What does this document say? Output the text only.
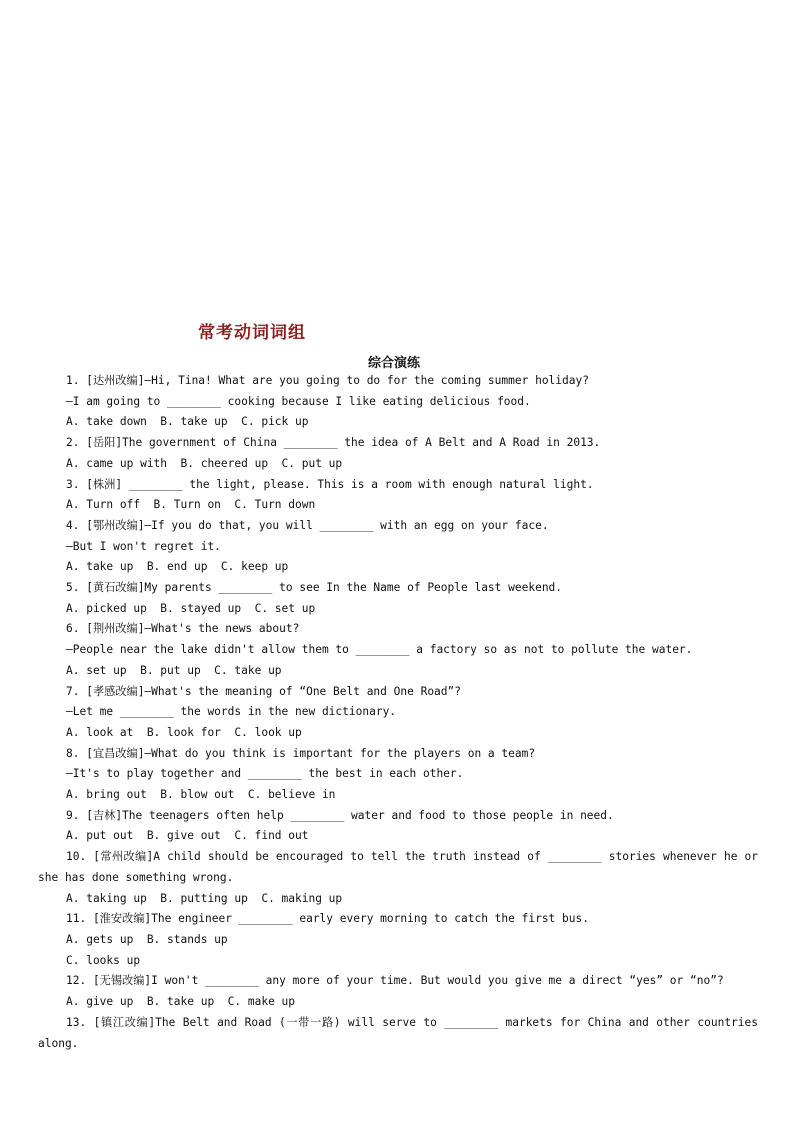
常考动词词组
综合演练
1. [达州改编]—Hi, Tina! What are you going to do for the coming summer holiday?
—I am going to ________ cooking because I like eating delicious food.
A. take down  B. take up  C. pick up
2. [岳阳]The government of China ________ the idea of A Belt and A Road in 2013.
A. came up with  B. cheered up  C. put up
3. [株洲] ________ the light, please. This is a room with enough natural light.
A. Turn off  B. Turn on  C. Turn down
4. [鄂州改编]—If you do that, you will ________ with an egg on your face.
—But I won't regret it.
A. take up  B. end up  C. keep up
5. [黄石改编]My parents ________ to see In the Name of People last weekend.
A. picked up  B. stayed up  C. set up
6. [荆州改编]—What's the news about?
—People near the lake didn't allow them to ________ a factory so as not to pollute the water.
A. set up  B. put up  C. take up
7. [孝感改编]—What's the meaning of “One Belt and One Road”?
—Let me ________ the words in the new dictionary.
A. look at  B. look for  C. look up
8. [宜昌改编]—What do you think is important for the players on a team?
—It's to play together and ________ the best in each other.
A. bring out  B. blow out  C. believe in
9. [吉林]The teenagers often help ________ water and food to those people in need.
A. put out  B. give out  C. find out
10. [常州改编]A child should be encouraged to tell the truth instead of ________ stories whenever he or she has done something wrong.
A. taking up  B. putting up  C. making up
11. [淮安改编]The engineer ________ early every morning to catch the first bus.
A. gets up  B. stands up
C. looks up
12. [无锡改编]I won't ________ any more of your time. But would you give me a direct “yes” or “no”?
A. give up  B. take up  C. make up
13. [镇江改编]The Belt and Road (一带一路) will serve to ________ markets for China and other countries along.
